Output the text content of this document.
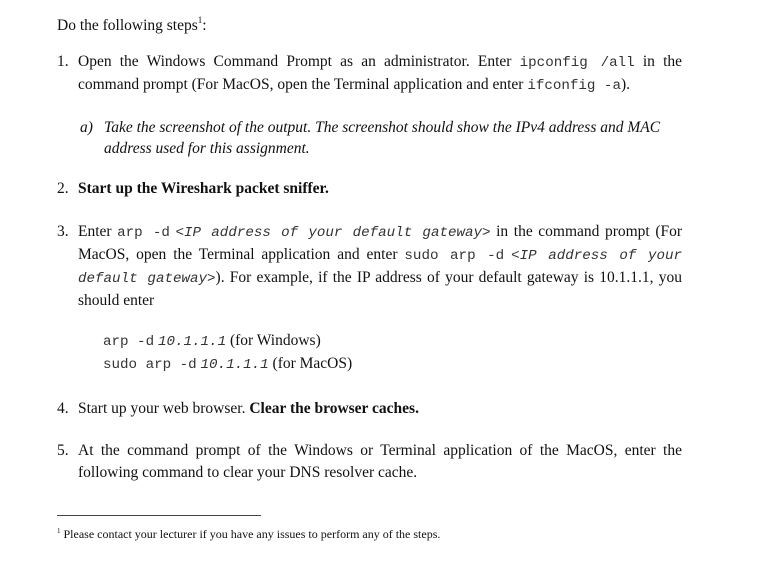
Do the following steps$^1$:
1. Open the Windows Command Prompt as an administrator. Enter ipconfig /all in the command prompt (For MacOS, open the Terminal application and enter ifconfig -a).
a) Take the screenshot of the output. The screenshot should show the IPv4 address and MAC address used for this assignment.
2. Start up the Wireshark packet sniffer.
3. Enter arp -d <IP address of your default gateway> in the command prompt (For MacOS, open the Terminal application and enter sudo arp -d <IP address of your default gateway>). For example, if the IP address of your default gateway is 10.1.1.1, you should enter
arp -d 10.1.1.1 (for Windows)
sudo arp -d 10.1.1.1 (for MacOS)
4. Start up your web browser. Clear the browser caches.
5. At the command prompt of the Windows or Terminal application of the MacOS, enter the following command to clear your DNS resolver cache.
$^1$ Please contact your lecturer if you have any issues to perform any of the steps.
